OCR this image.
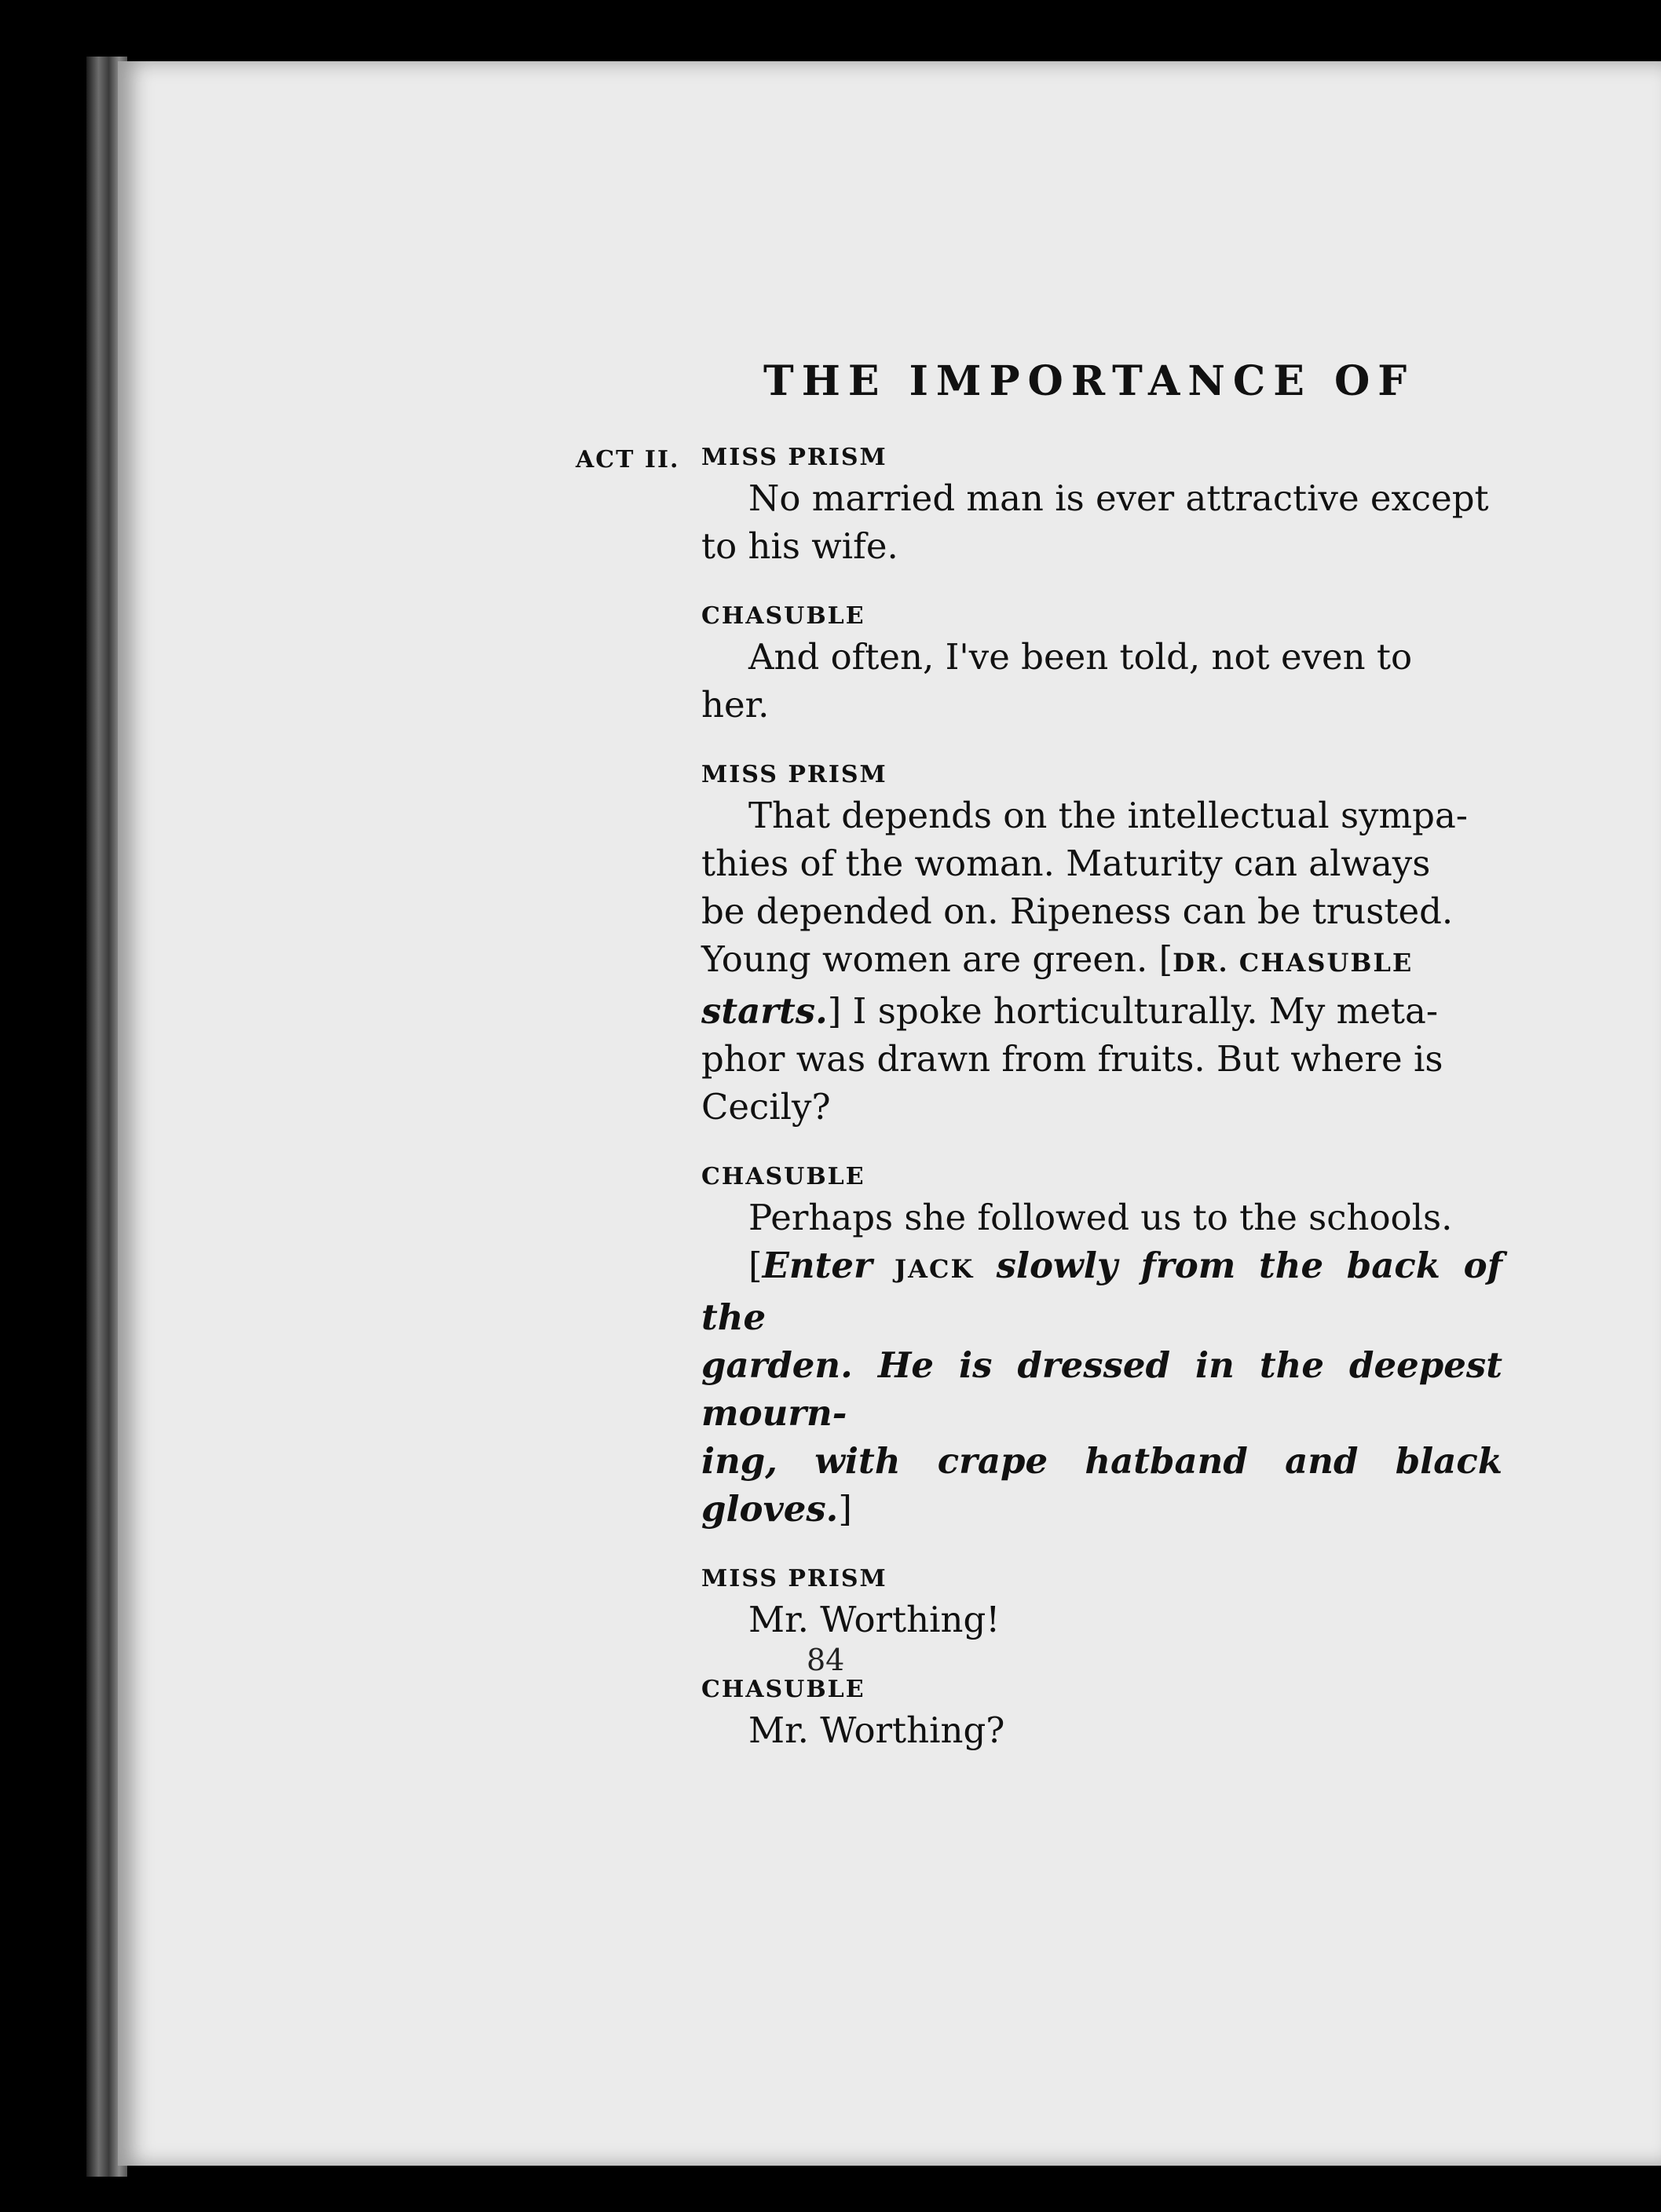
THE IMPORTANCE OF
ACT II. MISS PRISM

No married man is ever attractive except

to his wife.

CHASUBLE

And often, I've been told, not even to

her.

MISS PRISM

That depends on the intellectual sympa-

thies of the woman. Maturity can always

be depended on. Ripeness can be trusted.

Young women are green. [DR. CHASUBLE

starts.] I spoke horticulturally. My meta-

phor was drawn from fruits. But where is

Cecily?

CHASUBLE

Perhaps she followed us to the schools.

[Enter JACK slowly from the back of the

garden. He is dressed in the deepest mourn-

ing, with crape hatband and black gloves.]

MISS PRISM

Mr. Worthing!

CHASUBLE

Mr. Worthing?

84
